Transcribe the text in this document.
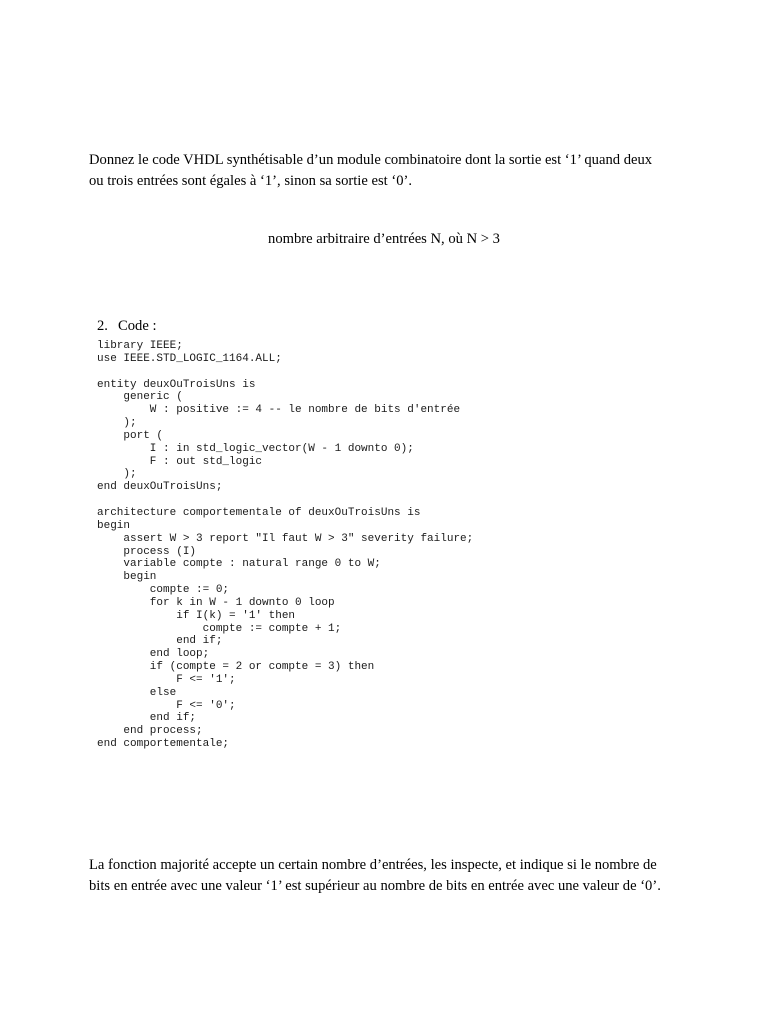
Donnez le code VHDL synthétisable d’un module combinatoire dont la sortie est ‘1’ quand deux
ou trois entrées sont égales à ‘1’, sinon sa sortie est ‘0’.
nombre arbitraire d’entrées N, où N > 3
2. Code :
library IEEE;
use IEEE.STD_LOGIC_1164.ALL;

entity deuxOuTroisUns is
generic (
W : positive := 4 -- le nombre de bits d'entrée
);
port (
I : in std_logic_vector(W - 1 downto 0);
F : out std_logic
);
end deuxOuTroisUns;

architecture comportementale of deuxOuTroisUns is
begin
assert W > 3 report "Il faut W > 3" severity failure;
process (I)
variable compte : natural range 0 to W;
begin
compte := 0;
for k in W - 1 downto 0 loop
if I(k) = '1' then
compte := compte + 1;
end if;
end loop;
if (compte = 2 or compte = 3) then
F <= '1';
else
F <= '0';
end if;
end process;
end comportementale;
La fonction majorité accepte un certain nombre d’entrées, les inspecte, et indique si le nombre de
bits en entrée avec une valeur ‘1’ est supérieur au nombre de bits en entrée avec une valeur de ‘0’.
